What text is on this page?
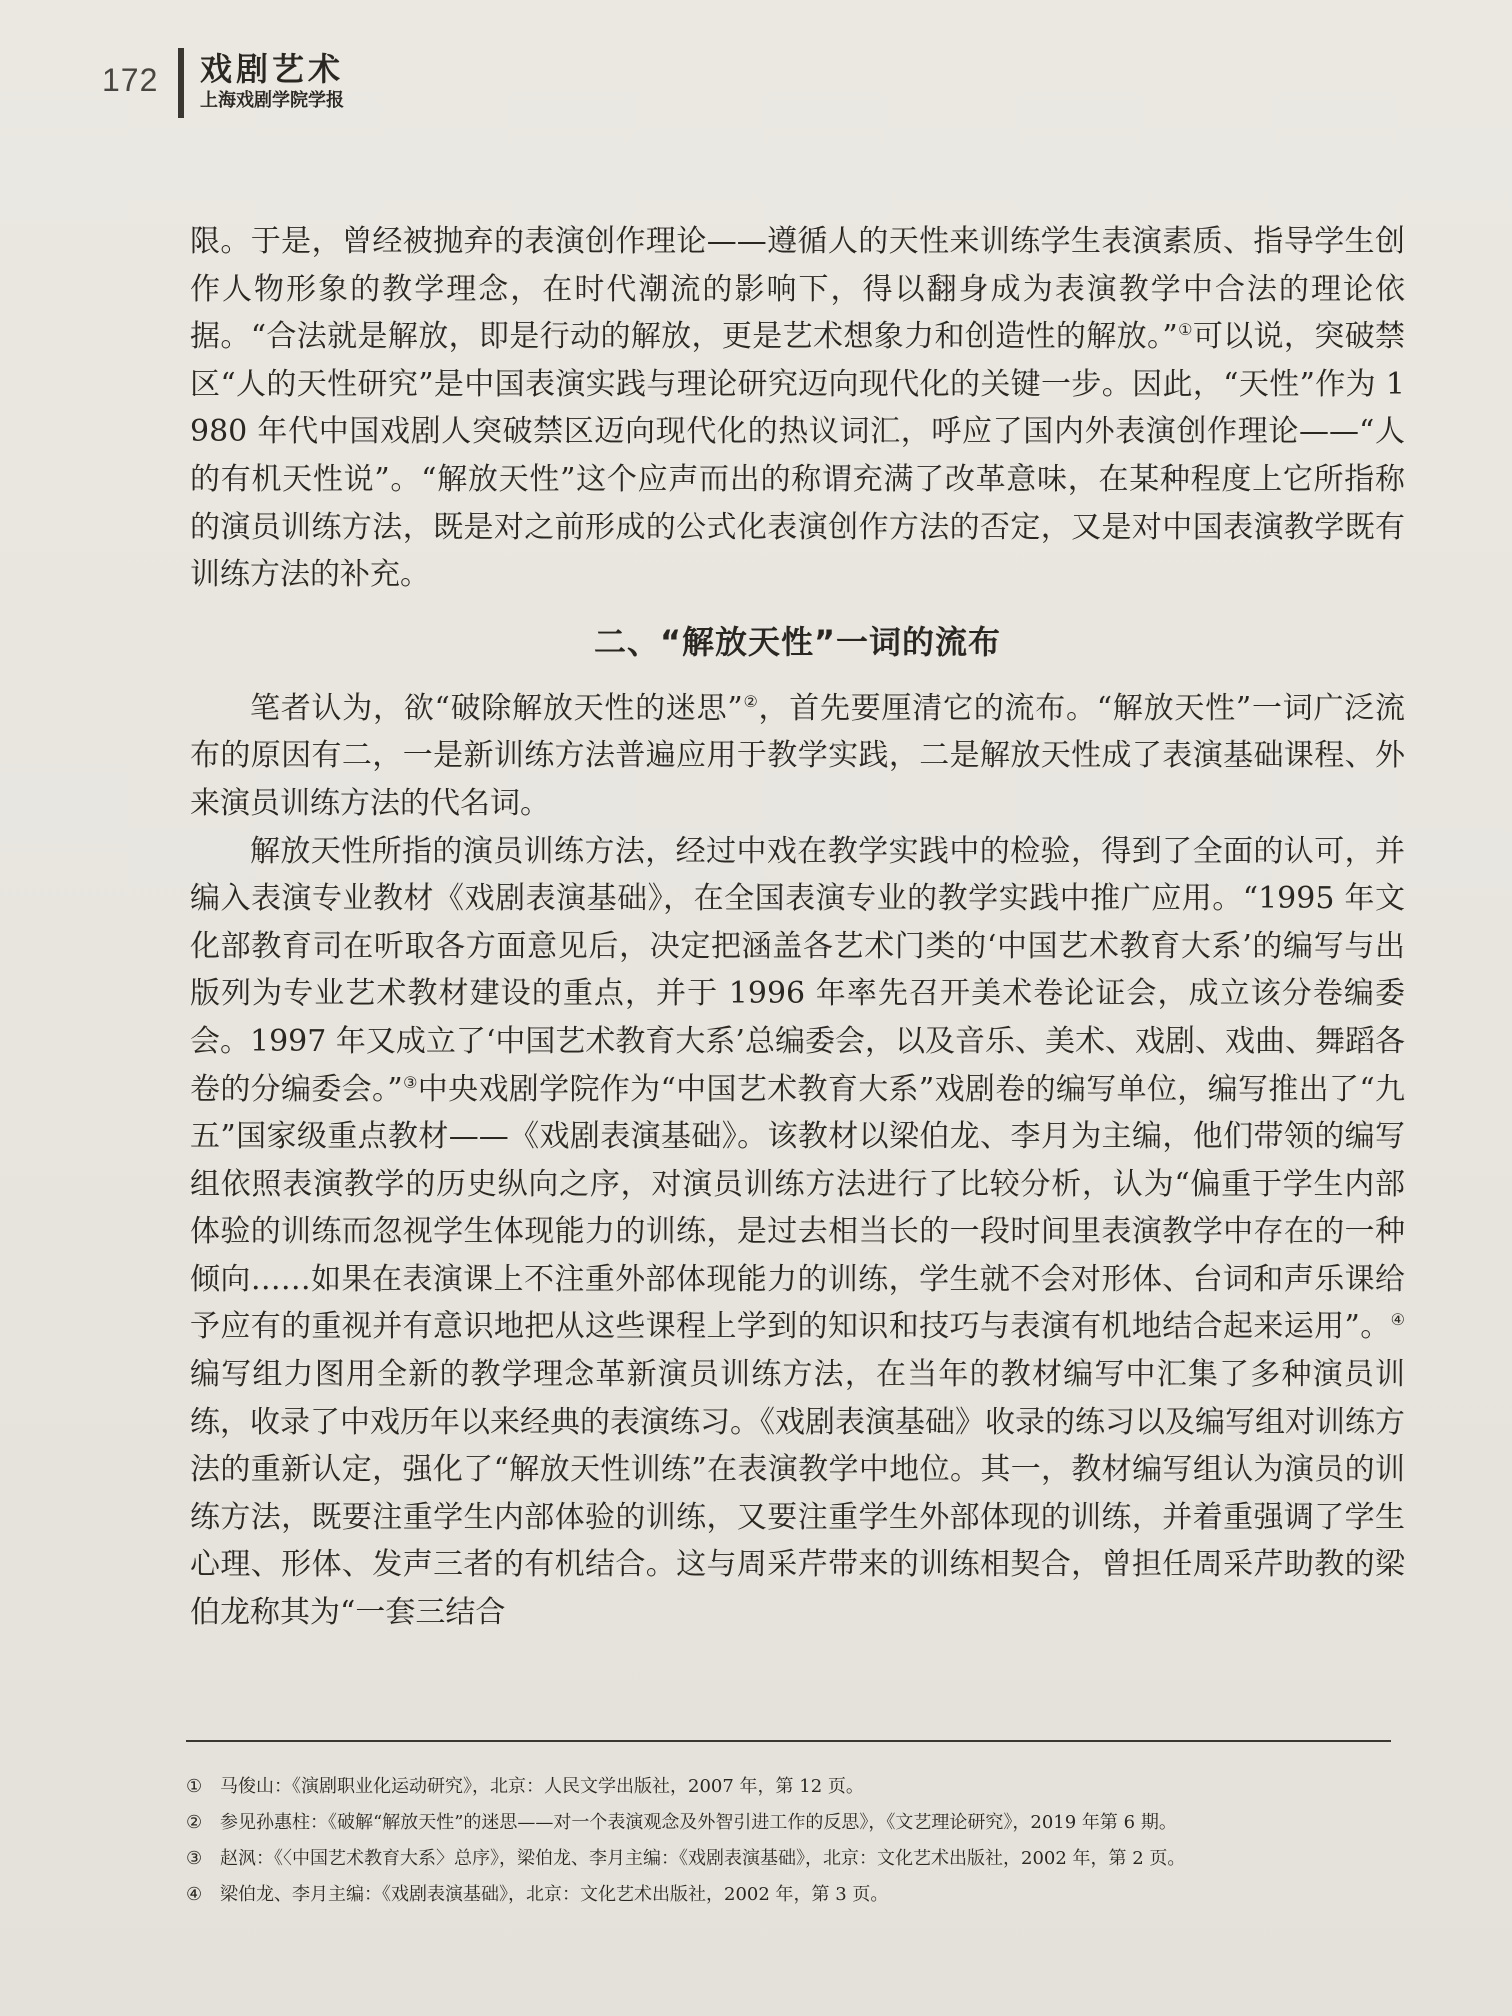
172 戏剧艺术
上海戏剧学院学报

限。于是，曾经被抛弃的表演创作理论——遵循人的天性来训练学生表演素质、指导学生创作人物形象的教学理念，在时代潮流的影响下，得以翻身成为表演教学中合法的理论依据。“合法就是解放，即是行动的解放，更是艺术想象力和创造性的解放。”①可以说，突破禁区“人的天性研究”是中国表演实践与理论研究迈向现代化的关键一步。因此，“天性”作为 1980 年代中国戏剧人突破禁区迈向现代化的热议词汇，呼应了国内外表演创作理论——“人的有机天性说”。“解放天性”这个应声而出的称谓充满了改革意味，在某种程度上它所指称的演员训练方法，既是对之前形成的公式化表演创作方法的否定，又是对中国表演教学既有训练方法的补充。

二、“解放天性”一词的流布

笔者认为，欲“破除解放天性的迷思”②，首先要厘清它的流布。“解放天性”一词广泛流布的原因有二，一是新训练方法普遍应用于教学实践，二是解放天性成了表演基础课程、外来演员训练方法的代名词。

解放天性所指的演员训练方法，经过中戏在教学实践中的检验，得到了全面的认可，并编入表演专业教材《戏剧表演基础》，在全国表演专业的教学实践中推广应用。“1995 年文化部教育司在听取各方面意见后，决定把涵盖各艺术门类的‘中国艺术教育大系’的编写与出版列为专业艺术教材建设的重点，并于 1996 年率先召开美术卷论证会，成立该分卷编委会。1997 年又成立了‘中国艺术教育大系’总编委会，以及音乐、美术、戏剧、戏曲、舞蹈各卷的分编委会。”③中央戏剧学院作为“中国艺术教育大系”戏剧卷的编写单位，编写推出了“九五”国家级重点教材——《戏剧表演基础》。该教材以梁伯龙、李月为主编，他们带领的编写组依照表演教学的历史纵向之序，对演员训练方法进行了比较分析，认为“偏重于学生内部体验的训练而忽视学生体现能力的训练，是过去相当长的一段时间里表演教学中存在的一种倾向……如果在表演课上不注重外部体现能力的训练，学生就不会对形体、台词和声乐课给予应有的重视并有意识地把从这些课程上学到的知识和技巧与表演有机地结合起来运用”。④ 编写组力图用全新的教学理念革新演员训练方法，在当年的教材编写中汇集了多种演员训练，收录了中戏历年以来经典的表演练习。《戏剧表演基础》收录的练习以及编写组对训练方法的重新认定，强化了“解放天性训练”在表演教学中地位。其一，教材编写组认为演员的训练方法，既要注重学生内部体验的训练，又要注重学生外部体现的训练，并着重强调了学生心理、形体、发声三者的有机结合。这与周采芹带来的训练相契合，曾担任周采芹助教的梁伯龙称其为“一套三结合

① 马俊山：《演剧职业化运动研究》，北京：人民文学出版社，2007 年，第 12 页。
② 参见孙惠柱：《破解“解放天性”的迷思——对一个表演观念及外智引进工作的反思》，《文艺理论研究》，2019 年第 6 期。
③ 赵沨：《〈中国艺术教育大系〉总序》，梁伯龙、李月主编：《戏剧表演基础》，北京：文化艺术出版社，2002 年，第 2 页。
④ 梁伯龙、李月主编：《戏剧表演基础》，北京：文化艺术出版社，2002 年，第 3 页。
